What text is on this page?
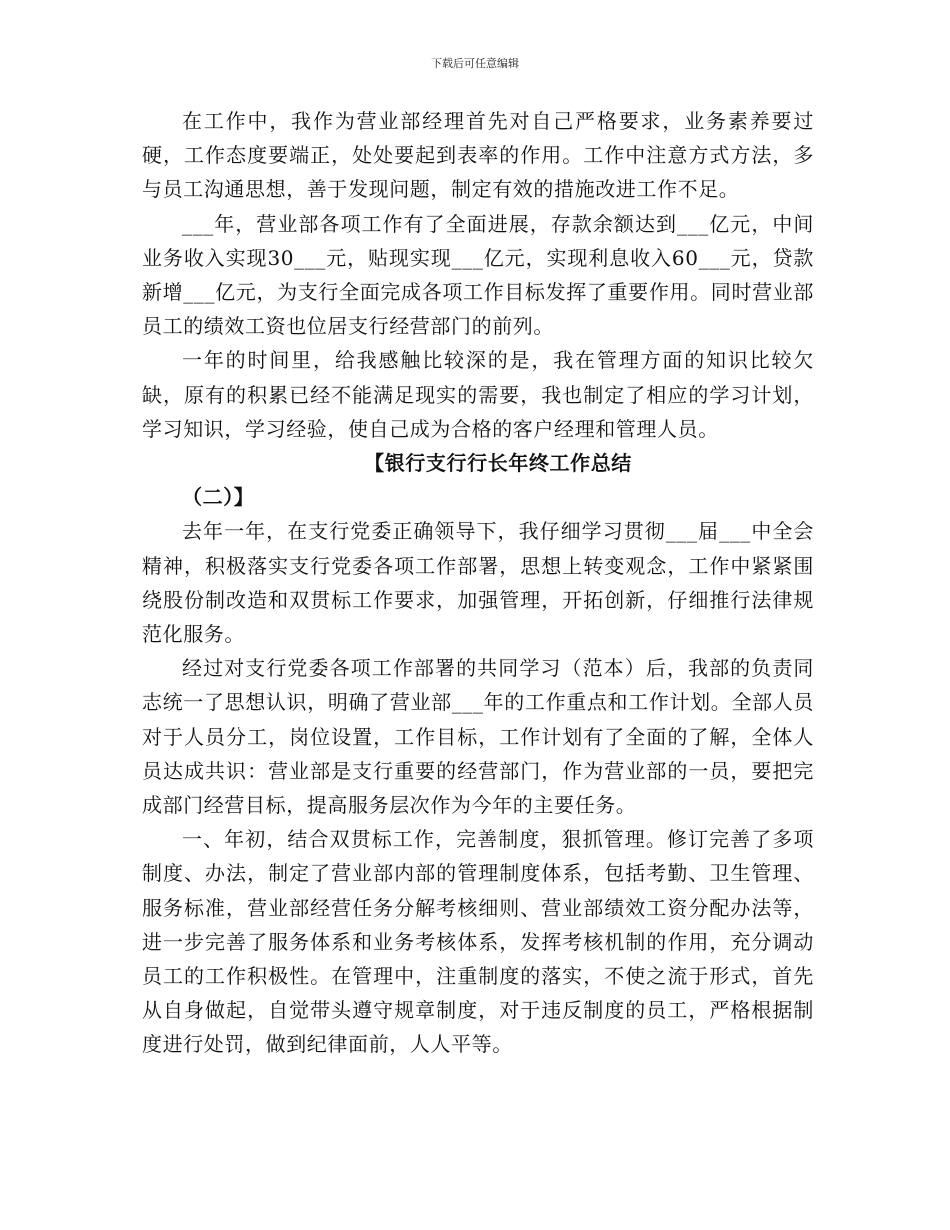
下载后可任意编辑

在工作中，我作为营业部经理首先对自己严格要求，业务素养要过硬，工作态度要端正，处处要起到表率的作用。工作中注意方式方法，多与员工沟通思想，善于发现问题，制定有效的措施改进工作不足。

___年，营业部各项工作有了全面进展，存款余额达到___亿元，中间业务收入实现30___元，贴现实现___亿元，实现利息收入60___元，贷款新增___亿元，为支行全面完成各项工作目标发挥了重要作用。同时营业部员工的绩效工资也位居支行经营部门的前列。

一年的时间里，给我感触比较深的是，我在管理方面的知识比较欠缺，原有的积累已经不能满足现实的需要，我也制定了相应的学习计划，学习知识，学习经验，使自己成为合格的客户经理和管理人员。

【银行支行行长年终工作总结

（二）】

去年一年，在支行党委正确领导下，我仔细学习贯彻___届___中全会精神，积极落实支行党委各项工作部署，思想上转变观念，工作中紧紧围绕股份制改造和双贯标工作要求，加强管理，开拓创新，仔细推行法律规范化服务。

经过对支行党委各项工作部署的共同学习（范本）后，我部的负责同志统一了思想认识，明确了营业部___年的工作重点和工作计划。全部人员对于人员分工，岗位设置，工作目标，工作计划有了全面的了解，全体人员达成共识：营业部是支行重要的经营部门，作为营业部的一员，要把完成部门经营目标，提高服务层次作为今年的主要任务。

一、年初，结合双贯标工作，完善制度，狠抓管理。修订完善了多项制度、办法，制定了营业部内部的管理制度体系，包括考勤、卫生管理、服务标准，营业部经营任务分解考核细则、营业部绩效工资分配办法等，进一步完善了服务体系和业务考核体系，发挥考核机制的作用，充分调动员工的工作积极性。在管理中，注重制度的落实，不使之流于形式，首先从自身做起，自觉带头遵守规章制度，对于违反制度的员工，严格根据制度进行处罚，做到纪律面前，人人平等。
